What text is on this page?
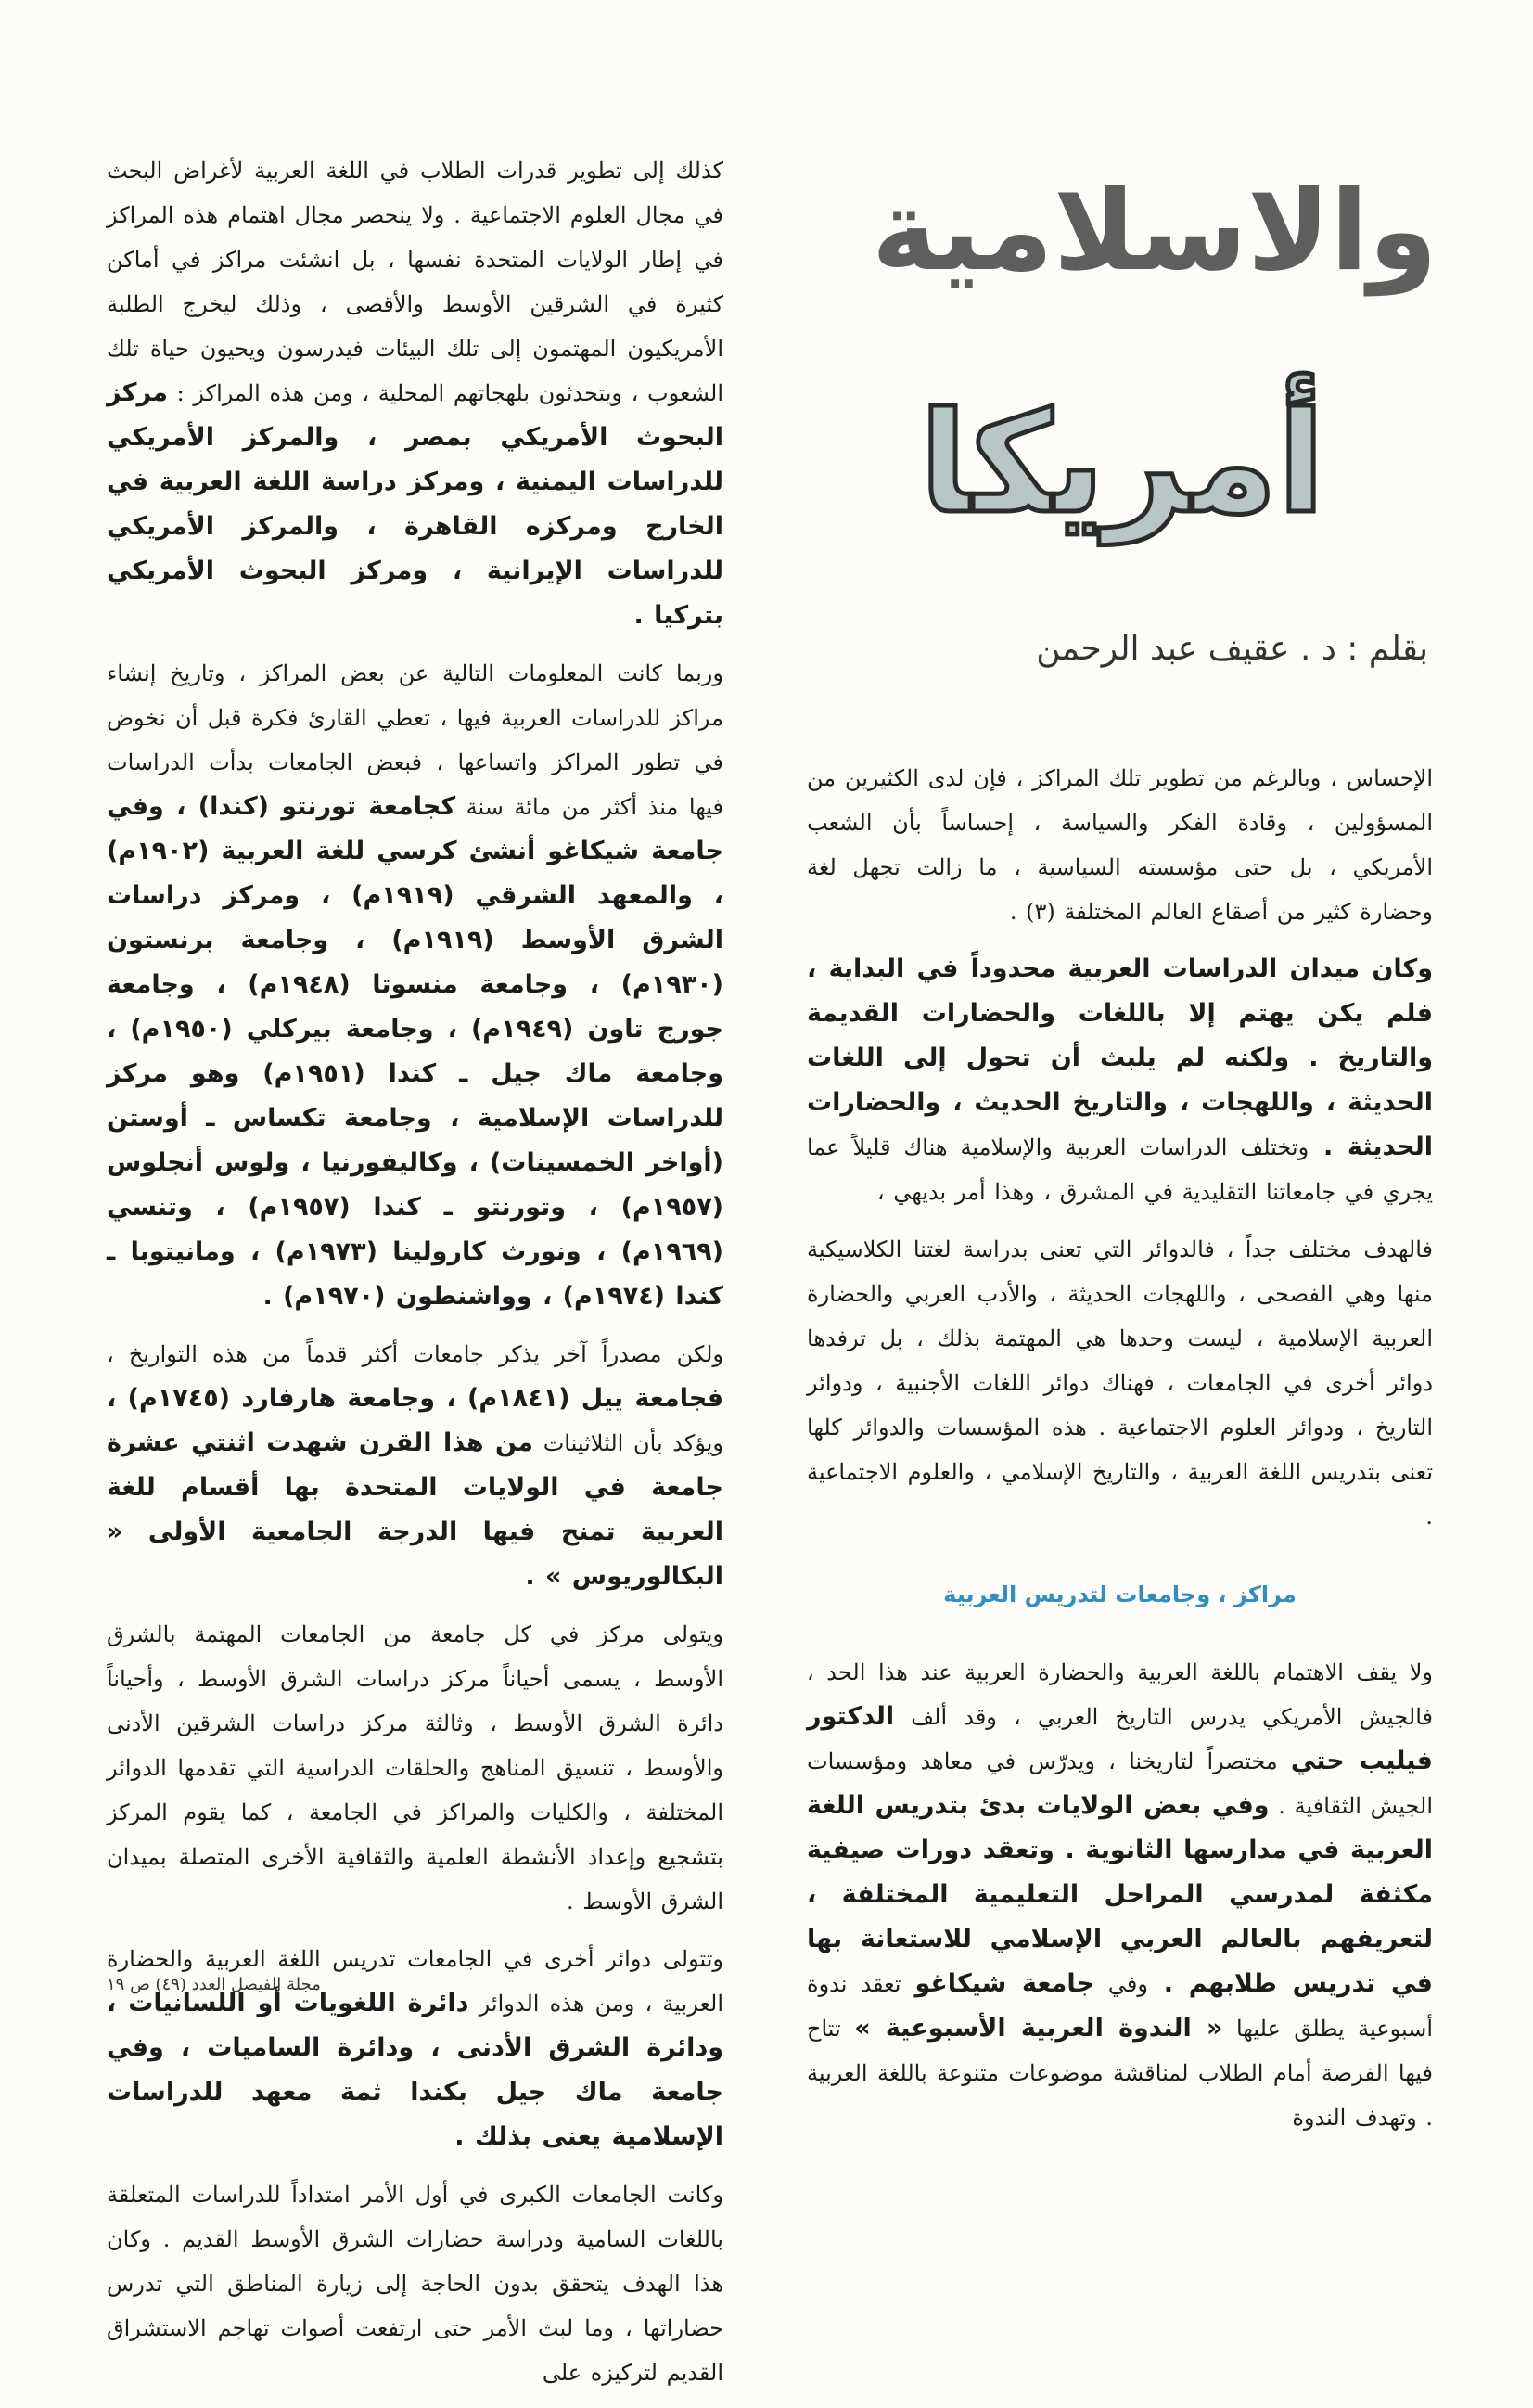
والاسلامية
أمريكا
بقلم : د . عقيف عبد الرحمن

الإحساس ، وبالرغم من تطوير تلك المراكز ، فإن لدى الكثيرين من المسؤولين ، وقادة الفكر والسياسة ، إحساساً بأن الشعب الأمريكي ، بل حتى مؤسسته السياسية ، ما زالت تجهل لغة وحضارة كثير من أصقاع العالم المختلفة (٣) .

وكان ميدان الدراسات العربية محدوداً في البداية ، فلم يكن يهتم إلا باللغات والحضارات القديمة والتاريخ . ولكنه لم يلبث أن تحول إلى اللغات الحديثة ، واللهجات ، والتاريخ الحديث ، والحضارات الحديثة . وتختلف الدراسات العربية والإسلامية هناك قليلاً عما يجري في جامعاتنا التقليدية في المشرق ، وهذا أمر بديهي ،

فالهدف مختلف جداً ، فالدوائر التي تعنى بدراسة لغتنا الكلاسيكية منها وهي الفصحى ، واللهجات الحديثة ، والأدب العربي والحضارة العربية الإسلامية ، ليست وحدها هي المهتمة بذلك ، بل ترفدها دوائر أخرى في الجامعات ، فهناك دوائر اللغات الأجنبية ، ودوائر التاريخ ، ودوائر العلوم الاجتماعية . هذه المؤسسات والدوائر كلها تعنى بتدريس اللغة العربية ، والتاريخ الإسلامي ، والعلوم الاجتماعية .

مراكز ، وجامعات لتدريس العربية

ولا يقف الاهتمام باللغة العربية والحضارة العربية عند هذا الحد ، فالجيش الأمريكي يدرس التاريخ العربي ، وقد ألف الدكتور فيليب حتي مختصراً لتاريخنا ، ويدرّس في معاهد ومؤسسات الجيش الثقافية . وفي بعض الولايات بدئ بتدريس اللغة العربية في مدارسها الثانوية . وتعقد دورات صيفية مكثفة لمدرسي المراحل التعليمية المختلفة ، لتعريفهم بالعالم العربي الإسلامي للاستعانة بها في تدريس طلابهم . وفي جامعة شيكاغو تعقد ندوة أسبوعية يطلق عليها « الندوة العربية الأسبوعية » تتاح فيها الفرصة أمام الطلاب لمناقشة موضوعات متنوعة باللغة العربية . وتهدف الندوة

كذلك إلى تطوير قدرات الطلاب في اللغة العربية لأغراض البحث في مجال العلوم الاجتماعية . ولا ينحصر مجال اهتمام هذه المراكز في إطار الولايات المتحدة نفسها ، بل انشئت مراكز في أماكن كثيرة في الشرقين الأوسط والأقصى ، وذلك ليخرج الطلبة الأمريكيون المهتمون إلى تلك البيئات فيدرسون ويحيون حياة تلك الشعوب ، ويتحدثون بلهجاتهم المحلية ، ومن هذه المراكز : مركز البحوث الأمريكي بمصر ، والمركز الأمريكي للدراسات اليمنية ، ومركز دراسة اللغة العربية في الخارج ومركزه القاهرة ، والمركز الأمريكي للدراسات الإيرانية ، ومركز البحوث الأمريكي بتركيا .

وربما كانت المعلومات التالية عن بعض المراكز ، وتاريخ إنشاء مراكز للدراسات العربية فيها ، تعطي القارئ فكرة قبل أن نخوض في تطور المراكز واتساعها ، فبعض الجامعات بدأت الدراسات فيها منذ أكثر من مائة سنة كجامعة تورنتو (كندا) ، وفي جامعة شيكاغو أنشئ كرسي للغة العربية (١٩٠٢م) ، والمعهد الشرقي (١٩١٩م) ، ومركز دراسات الشرق الأوسط (١٩١٩م) ، وجامعة برنستون (١٩٣٠م) ، وجامعة منسوتا (١٩٤٨م) ، وجامعة جورج تاون (١٩٤٩م) ، وجامعة بيركلي (١٩٥٠م) ، وجامعة ماك جيل ـ كندا (١٩٥١م) وهو مركز للدراسات الإسلامية ، وجامعة تكساس ـ أوستن (أواخر الخمسينات) ، وكاليفورنيا ، ولوس أنجلوس (١٩٥٧م) ، وتورنتو ـ كندا (١٩٥٧م) ، وتنسي (١٩٦٩م) ، ونورث كارولينا (١٩٧٣م) ، ومانيتوبا ـ كندا (١٩٧٤م) ، وواشنطون (١٩٧٠م) .

ولكن مصدراً آخر يذكر جامعات أكثر قدماً من هذه التواريخ ، فجامعة ييل (١٨٤١م) ، وجامعة هارفارد (١٧٤٥م) ، ويؤكد بأن الثلاثينات من هذا القرن شهدت اثنتي عشرة جامعة في الولايات المتحدة بها أقسام للغة العربية تمنح فيها الدرجة الجامعية الأولى « البكالوريوس » .

ويتولى مركز في كل جامعة من الجامعات المهتمة بالشرق الأوسط ، يسمى أحياناً مركز دراسات الشرق الأوسط ، وأحياناً دائرة الشرق الأوسط ، وثالثة مركز دراسات الشرقين الأدنى والأوسط ، تنسيق المناهج والحلقات الدراسية التي تقدمها الدوائر المختلفة ، والكليات والمراكز في الجامعة ، كما يقوم المركز بتشجيع وإعداد الأنشطة العلمية والثقافية الأخرى المتصلة بميدان الشرق الأوسط .

وتتولى دوائر أخرى في الجامعات تدريس اللغة العربية والحضارة العربية ، ومن هذه الدوائر دائرة اللغويات أو اللسانيات ، ودائرة الشرق الأدنى ، ودائرة الساميات ، وفي جامعة ماك جيل بكندا ثمة معهد للدراسات الإسلامية يعنى بذلك .

وكانت الجامعات الكبرى في أول الأمر امتداداً للدراسات المتعلقة باللغات السامية ودراسة حضارات الشرق الأوسط القديم . وكان هذا الهدف يتحقق بدون الحاجة إلى زيارة المناطق التي تدرس حضاراتها ، وما لبث الأمر حتى ارتفعت أصوات تهاجم الاستشراق القديم لتركيزه على

مجلة الفيصل العدد (٤٩) ص ١٩
